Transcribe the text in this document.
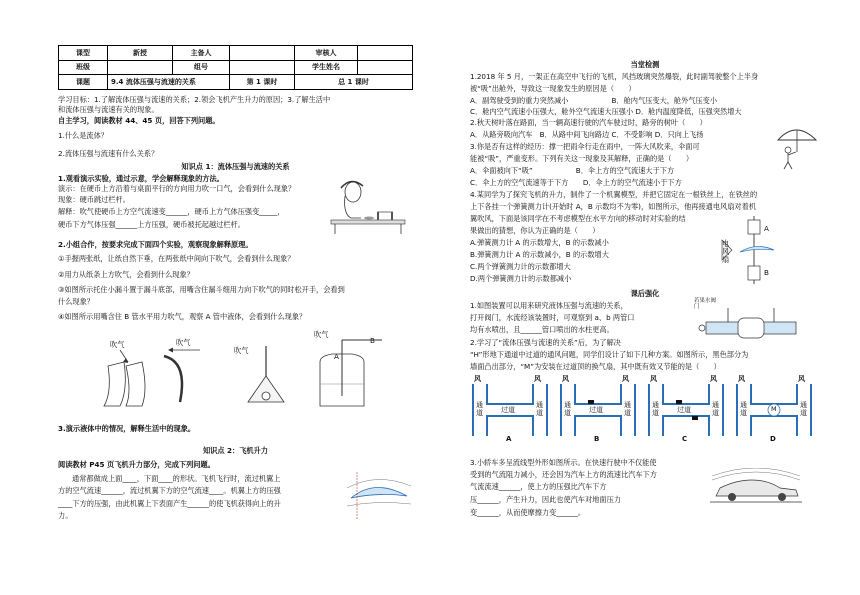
课型	新授	主备人		审核人	
班级		组号		学生姓名	
课题	9.4 流体压强与流速的关系		第 1 课时	总 1 课时	
学习目标：1.了解流体压强与流速的关系；2.领会飞机产生升力的原因；3.了解生活中
和流体压强与流速有关的现象。
自主学习，阅读教材 44、45 页，回答下列问题。
1.什么是流体？
2.流体压强与流速有什么关系？
知识点 1：流体压强与流速的关系
1.观看演示实验，通过示意，学会解释现象的方法。
演示：在硬币上方沿着与桌面平行的方向用力吹一口气，会看到什么现象？
现象：硬币跳过栏杆。
解释：吹气使硬币上方空气流速变______，硬币上方气体压强变_____，
硬币下方气体压强______上方压强，硬币被托起越过栏杆。
2.小组合作，按要求完成下面四个实验，观察现象解释原理。
①手握两张纸，让纸自然下垂，在两张纸中间向下吹气，会看到什么现象？
②用力从纸条上方吹气，会看到什么现象？
③如图所示托住小漏斗置于漏斗底部，用嘴含住漏斗细用力向下吹气的同时松开手，会看到
什么现象？
④如图所示用嘴含住 B 管水平用力吹气，观察 A 管中液体，会看到什么现象？
吹气	吹气
吹气
吹气
A
B
3.演示液体中的情况，解释生活中的现象。
知识点 2：飞机升力
阅读教材 P45 页飞机升力部分，完成下列问题。
通常都做成上面____，下面____的形状。飞机飞行时，流过机翼上
方的空气流速______，流过机翼下方的空气流速____。机翼上方的压强
____下方的压强，由此机翼上下表面产生______的使飞机获得向上的升
力。
当堂检测
1.2018 年 5 月，一架正在高空中飞行的飞机，风挡玻璃突然爆裂，此时副驾驶整个上半身
被“吸”出舱外，导致这一现象发生的原因是（　　）
A．副驾驶受到的重力突然减小　　　　　　B．舱内气压变大，舱外气压变小
C．舱内空气流速小压强大，舱外空气流速大压强小 D．舱内温度降低，压强突然增大
2.秋天树叶落在路面，当一辆高速行驶的汽车驶过时，路旁的树叶（　　）
A．从路旁吸向汽车　B．从路中间飞向路边 C．不受影响 D．只向上飞扬
3.你是否有这样的经历：撑一把雨伞行走在雨中，一阵大风吹来，伞面可
能被“吸”，严重变形。下列有关这一现象及其解释，正确的是（　　）
A．伞面被向下“吸”　　　　　　B．伞上方的空气流速大于下方
C．伞上方的空气流速等于下方　　D．伞上方的空气流速小于下方
4.某同学为了探究飞机的升力，制作了一个机翼模型，并把它固定在一根铁丝上，在铁丝的
上下各挂一个弹簧测力计(开始时 A，B 示数均不为零)，如图所示，他再接通电风扇对着机
翼吹风，下面是该同学在不考虑模型在水平方向的移动时对实验的结
果做出的猜想，你认为正确的是（　　）
A.弹簧测力计 A 的示数增大，B 的示数减小
B.弹簧测力计 A 的示数减小，B 的示数增大
C.两个弹簧测力计的示数都增大
D.两个弹簧测力计的示数都减小
电风扇
A
B
课后强化
1.如图装置可以用来研究液体压强与流速的关系，
打开阀门，水流经该装置时，可观察到 a、b 两管口
均有水喷出，且______管口喷出的水柱更高。
若果水阀门
2.学习了“流体压强与流速的关系”后，为了解决
“H”形地下通道中过道的通风问题，同学们设计了如下几种方案。如图所示，黑色部分为
墙面凸出部分，“M”为安装在过道顶的换气扇，其中既有效又节能的是（　　）
风	风
通道
通道
过道
A
风	风
通道
通道
过道
B
风	风
通道
通道
过道
C
风	风
通道
通道
M
D
3.小轿车多呈流线型外形如图所示。在快速行驶中不仅能使
受到的气流阻力减小，还会因为汽车上方的流速比汽车下方
气流流速______，使上方的压强比汽车下方
压______，产生升力，因此也使汽车对地面压力
变______，从而使摩擦力变______。
